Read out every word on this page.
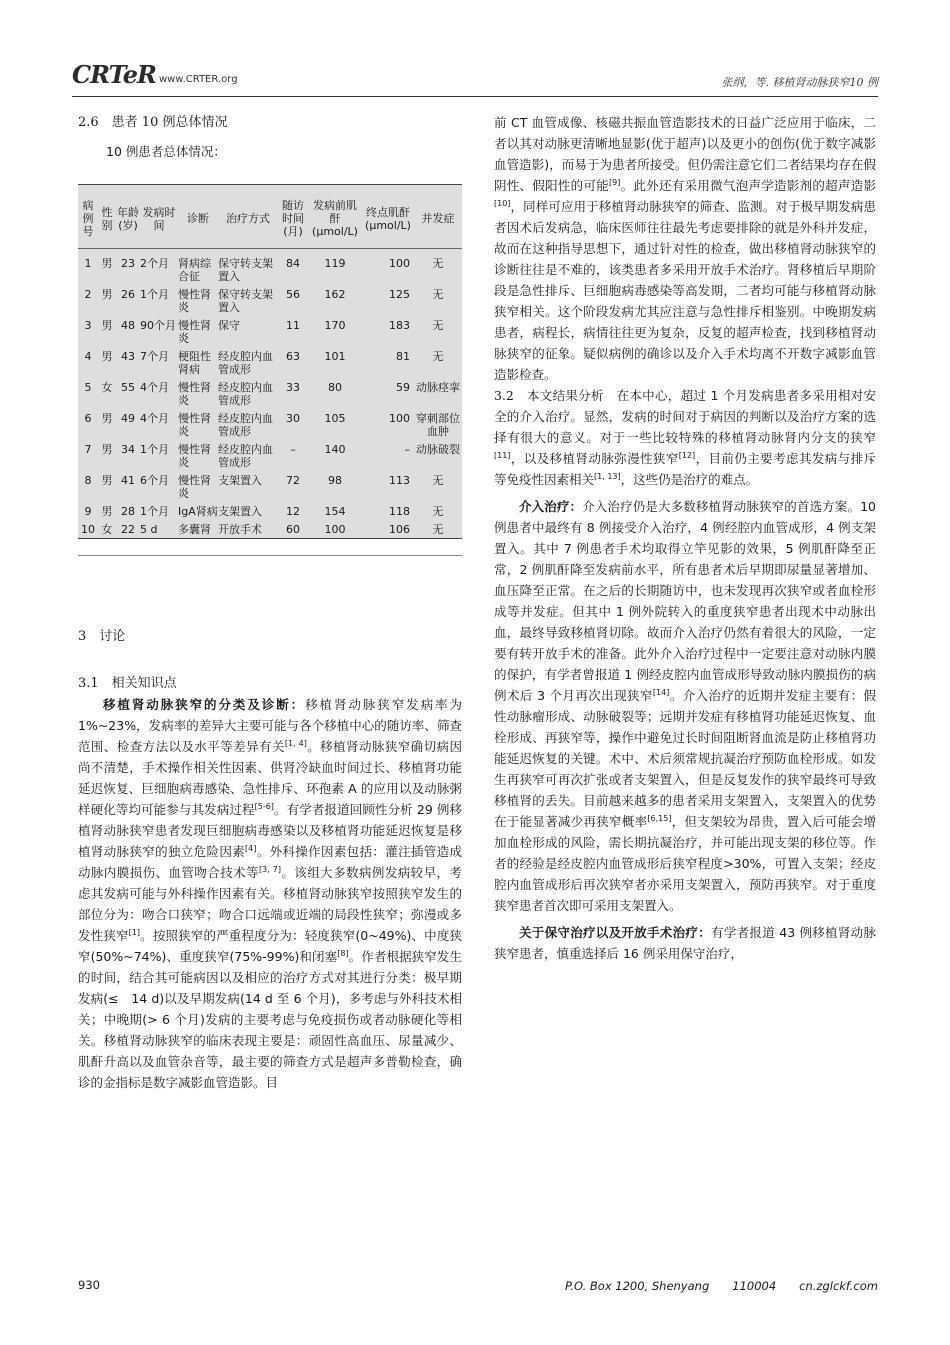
CRTeR www.CRTER.org	张纲，等. 移植肾动脉狭窄10 例

2.6　患者 10 例总体情况

10 例患者总体情况：

病例号	性别	年龄(岁)	发病时间	诊断	治疗方式	随访时间(月)	发病前肌酐(μmol/L)	终点肌酐(μmol/L)	并发症
1	男	23	2个月	肾病综合征	保守转支架置入	84	119	100	无
2	男	26	1个月	慢性肾炎	保守转支架置入	56	162	125	无
3	男	48	90个月	慢性肾炎	保守	11	170	183	无
4	男	43	7个月	梗阻性肾病	经皮腔内血管成形	63	101	81	无
5	女	55	4个月	慢性肾炎	经皮腔内血管成形	33	80	59	动脉痉挛
6	男	49	4个月	慢性肾炎	经皮腔内血管成形	30	105	100	穿刺部位血肿
7	男	34	1个月	慢性肾炎	经皮腔内血管成形	–	140	–	动脉破裂
8	男	41	6个月	慢性肾炎	支架置入	72	98	113	无
9	男	28	1个月	IgA肾病	支架置入	12	154	118	无
10	女	22	5 d	多囊肾	开放手术	60	100	106	无

3　讨论

3.1　相关知识点

移植肾动脉狭窄的分类及诊断：移植肾动脉狭窄发病率为 1%~23%，发病率的差异大主要可能与各个移植中心的随访率、筛查范围、检查方法以及水平等差异有关[1, 4]。移植肾动脉狭窄确切病因尚不清楚，手术操作相关性因素、供肾冷缺血时间过长、移植肾功能延迟恢复、巨细胞病毒感染、急性排斥、环孢素 A 的应用以及动脉粥样硬化等均可能参与其发病过程[5-6]。有学者报道回顾性分析 29 例移植肾动脉狭窄患者发现巨细胞病毒感染以及移植肾功能延迟恢复是移植肾动脉狭窄的独立危险因素[4]。外科操作因素包括：灌注插管造成动脉内膜损伤、血管吻合技术等[3, 7]。该组大多数病例发病较早，考虑其发病可能与外科操作因素有关。移植肾动脉狭窄按照狭窄发生的部位分为：吻合口狭窄；吻合口远端或近端的局段性狭窄；弥漫或多发性狭窄[1]。按照狭窄的严重程度分为：轻度狭窄(0~49%)、中度狭窄(50%~74%)、重度狭窄(75%-99%)和闭塞[8]。作者根据狭窄发生的时间，结合其可能病因以及相应的治疗方式对其进行分类：极早期发病(≤　14 d)以及早期发病(14 d 至 6 个月)，多考虑与外科技术相关；中晚期(> 6 个月)发病的主要考虑与免疫损伤或者动脉硬化等相关。移植肾动脉狭窄的临床表现主要是：顽固性高血压、尿量减少、肌酐升高以及血管杂音等，最主要的筛查方式是超声多普勒检查，确诊的金指标是数字减影血管造影。目

前 CT 血管成像、核磁共振血管造影技术的日益广泛应用于临床，二者以其对动脉更清晰地显影(优于超声)以及更小的创伤(优于数字减影血管造影)，而易于为患者所接受。但仍需注意它们二者结果均存在假阴性、假阳性的可能[9]。此外还有采用微气泡声学造影剂的超声造影[10]，同样可应用于移植肾动脉狭窄的筛查、监测。对于极早期发病患者因术后发病急，临床医师往往最先考虑要排除的就是外科并发症，故而在这种指导思想下，通过针对性的检查，做出移植肾动脉狭窄的诊断往往是不难的，该类患者多采用开放手术治疗。肾移植后早期阶段是急性排斥、巨细胞病毒感染等高发期，二者均可能与移植肾动脉狭窄相关。这个阶段发病尤其应注意与急性排斥相鉴别。中晚期发病患者，病程长，病情往往更为复杂，反复的超声检查，找到移植肾动脉狭窄的征象。疑似病例的确诊以及介入手术均离不开数字减影血管造影检查。

3.2　本文结果分析　在本中心，超过 1 个月发病患者多采用相对安全的介入治疗。显然，发病的时间对于病因的判断以及治疗方案的选择有很大的意义。对于一些比较特殊的移植肾动脉肾内分支的狭窄[11]，以及移植肾动脉弥漫性狭窄[12]，目前仍主要考虑其发病与排斥等免疫性因素相关[1, 13]，这些仍是治疗的难点。

介入治疗：介入治疗仍是大多数移植肾动脉狭窄的首选方案。10 例患者中最终有 8 例接受介入治疗，4 例经腔内血管成形，4 例支架置入。其中 7 例患者手术均取得立竿见影的效果，5 例肌酐降至正常，2 例肌酐降至发病前水平，所有患者术后早期即尿量显著增加、血压降至正常。在之后的长期随访中，也未发现再次狭窄或者血栓形成等并发症。但其中 1 例外院转入的重度狭窄患者出现术中动脉出血，最终导致移植肾切除。故而介入治疗仍然有着很大的风险，一定要有转开放手术的准备。此外介入治疗过程中一定要注意对动脉内膜的保护，有学者曾报道 1 例经皮腔内血管成形导致动脉内膜损伤的病例术后 3 个月再次出现狭窄[14]。介入治疗的近期并发症主要有：假性动脉瘤形成、动脉破裂等；远期并发症有移植肾功能延迟恢复、血栓形成、再狭窄等，操作中避免过长时间阻断肾血流是防止移植肾功能延迟恢复的关键。术中、术后须常规抗凝治疗预防血栓形成。如发生再狭窄可再次扩张或者支架置入，但是反复发作的狭窄最终可导致移植肾的丢失。目前越来越多的患者采用支架置入，支架置入的优势在于能显著减少再狭窄概率[6,15]，但支架较为昂贵，置入后可能会增加血栓形成的风险，需长期抗凝治疗，并可能出现支架的移位等。作者的经验是经皮腔内血管成形后狭窄程度>30%，可置入支架；经皮腔内血管成形后再次狭窄者亦采用支架置入，预防再狭窄。对于重度狭窄患者首次即可采用支架置入。

关于保守治疗以及开放手术治疗：有学者报道 43 例移植肾动脉狭窄患者，慎重选择后 16 例采用保守治疗，

930	P.O. Box 1200, Shenyang　　110004　　cn.zglckf.com
